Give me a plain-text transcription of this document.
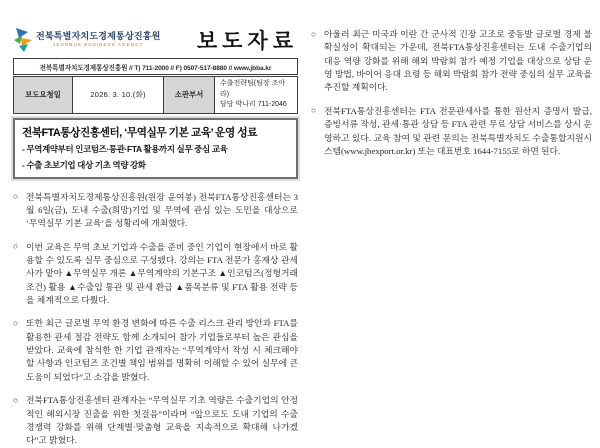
전북특별자치도경제통상진흥원
JEONBUK BUSINESS AGENCY	보도자료
전북특별자치도경제통상진흥원 // T) 711-2000 // F) 0507-517-8880 // www.jbba.kr
보도요청일	2026. 3. 10.(화)	소관부서	
수출전략팀(팀장 조아라)
담당 박나리 711-2046
전북FTA통상진흥센터, ‘무역실무 기본 교육’ 운영 성료
- 무역계약부터 인코텀즈·통관·FTA 활용까지 실무 중심 교육
- 수출 초보기업 대상 기초 역량 강화
○ 전북특별자치도경제통상진흥원(원장 윤여봉) 전북FTA통상진흥센터는 3월 6일(금), 도내 수출(희망)기업 및 무역에 관심 있는 도민을 대상으로 ‘무역실무 기본 교육’을 성황리에 개최했다.
○ 이번 교육은 무역 초보 기업과 수출을 준비 중인 기업이 현장에서 바로 활용할 수 있도록 실무 중심으로 구성됐다. 강의는 FTA 전문가 홍재상 관세사가 맡아 ▲무역실무 개론 ▲무역계약의 기본구조 ▲인코텀즈(정형거래조건) 활용 ▲수출입 통관 및 관세 환급 ▲품목분류 및 FTA 활용 전략 등을 체계적으로 다뤘다.
○ 또한 최근 글로벌 무역 환경 변화에 따른 수출 리스크 관리 방안과 FTA를 활용한 관세 절감 전략도 함께 소개되어 참가 기업들로부터 높은 관심을 받았다. 교육에 참석한 한 기업 관계자는 “무역계약서 작성 시 체크해야 할 사항과 인코텀즈 조건별 책임 범위를 명확히 이해할 수 있어 실무에 큰 도움이 되었다”고 소감을 밝혔다.
○ 전북FTA통상진흥센터 관계자는 “무역실무 기초 역량은 수출기업의 안정적인 해외시장 진출을 위한 첫걸음”이라며 “앞으로도 도내 기업의 수출 경쟁력 강화를 위해 단계별·맞춤형 교육을 지속적으로 확대해 나가겠다”고 밝혔다.
○ 아울러 최근 미국과 이란 간 군사적 긴장 고조로 중동발 글로벌 경제 불확실성이 확대되는 가운데, 전북FTA통상진흥센터는 도내 수출기업의 대응 역량 강화를 위해 해외 박람회 참가 예정 기업을 대상으로 상담 운영 방법, 바이어 응대 요령 등 해외 박람회 참가 전략 중심의 실무 교육을 추진할 계획이다.
○ 전북FTA통상진흥센터는 FTA 전문관세사를 통한 원산지 증명서 발급, 증빙서류 작성, 관세·통관 상담 등 FTA 관련 무료 상담 서비스를 상시 운영하고 있다. 교육 참여 및 관련 문의는 전북특별자치도 수출통합지원시스템(www.jbexport.or.kr) 또는 대표번호 1644-7155로 하면 된다.
